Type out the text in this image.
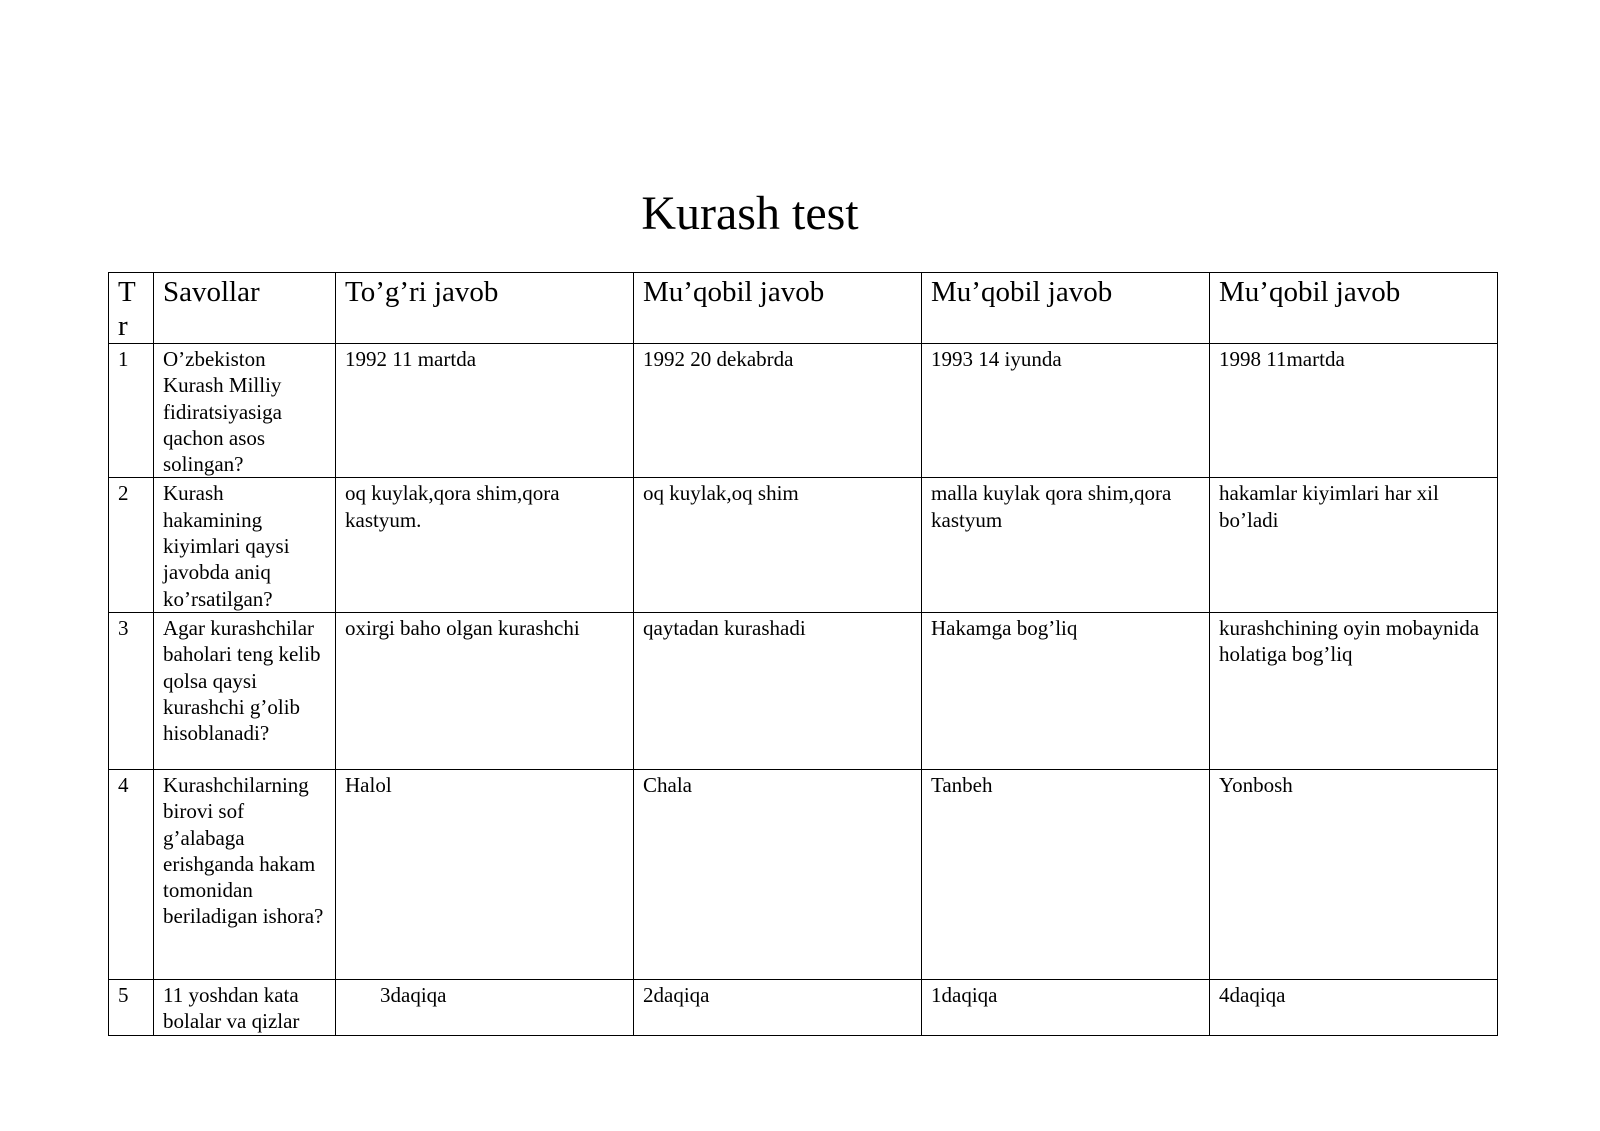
Kurash test
T r	Savollar	To’g’ri javob	Mu’qobil javob	Mu’qobil javob	Mu’qobil javob
1	O’zbekiston Kurash Milliy fidiratsiyasiga qachon asos solingan?	1992 11 martda	1992 20 dekabrda	1993 14 iyunda	1998 11martda
2	Kurash hakamining kiyimlari qaysi javobda aniq ko’rsatilgan?	oq kuylak,qora shim,qora kastyum.	oq kuylak,oq shim	malla kuylak qora shim,qora kastyum	hakamlar kiyimlari har xil bo’ladi
3	Agar kurashchilar baholari teng kelib qolsa qaysi kurashchi g’olib hisoblanadi?	oxirgi baho olgan kurashchi	qaytadan kurashadi	Hakamga bog’liq	kurashchining oyin mobaynida holatiga bog’liq
4	Kurashchilarning birovi sof g’alabaga erishganda hakam tomonidan beriladigan ishora?	Halol	Chala	Tanbeh	Yonbosh
5	11 yoshdan kata bolalar va qizlar	3daqiqa	2daqiqa	1daqiqa	4daqiqa
